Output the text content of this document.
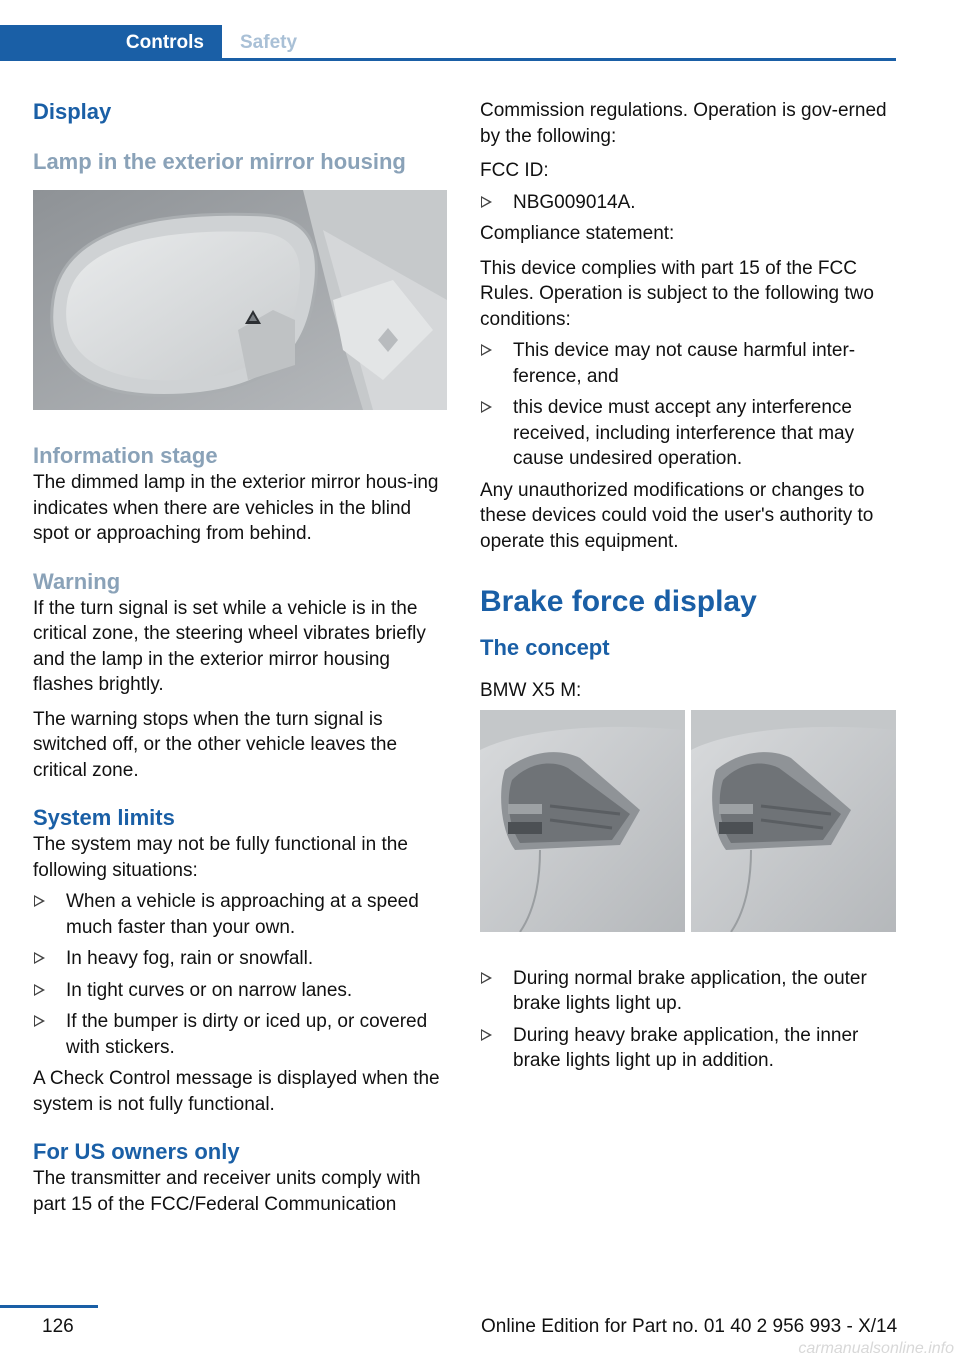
Controls	Safety
Display
Lamp in the exterior mirror housing
Information stage

The dimmed lamp in the exterior mirror hous-ing indicates when there are vehicles in the blind spot or approaching from behind.

Warning

If the turn signal is set while a vehicle is in the critical zone, the steering wheel vibrates briefly and the lamp in the exterior mirror housing flashes brightly.

The warning stops when the turn signal is switched off, or the other vehicle leaves the critical zone.

System limits

The system may not be fully functional in the following situations:

When a vehicle is approaching at a speed much faster than your own.
In heavy fog, rain or snowfall.
In tight curves or on narrow lanes.
If the bumper is dirty or iced up, or covered with stickers.

A Check Control message is displayed when the system is not fully functional.

For US owners only

The transmitter and receiver units comply with part 15 of the FCC/Federal Communication

Commission regulations. Operation is gov-erned by the following:

FCC ID:

NBG009014A.

Compliance statement:

This device complies with part 15 of the FCC Rules. Operation is subject to the following two conditions:

This device may not cause harmful inter-ference, and
this device must accept any interference received, including interference that may cause undesired operation.

Any unauthorized modifications or changes to these devices could void the user's authority to operate this equipment.

Brake force display
The concept

BMW X5 M:

During normal brake application, the outer brake lights light up.
During heavy brake application, the inner brake lights light up in addition.
126	Online Edition for Part no. 01 40 2 956 993 - X/14
carmanualsonline.info
